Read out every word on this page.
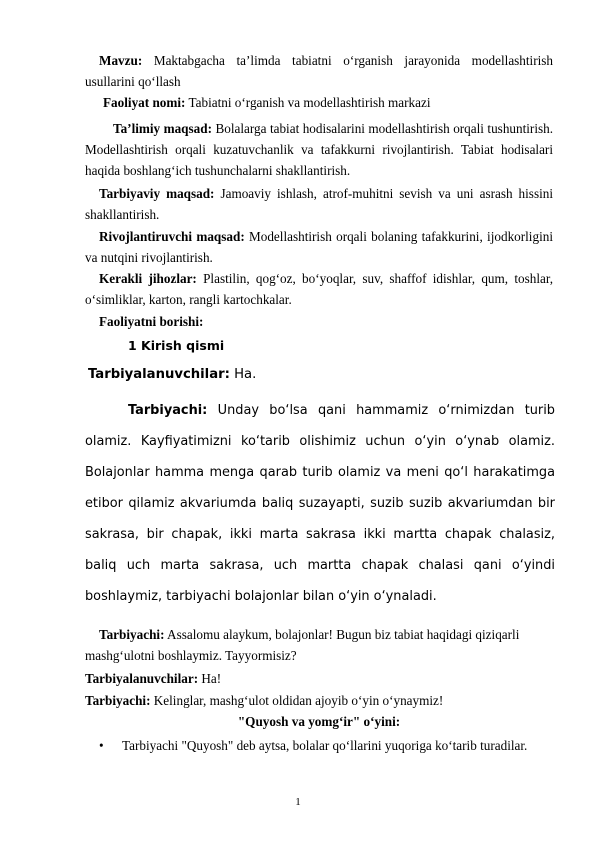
Mavzu: Maktabgacha ta’limda tabiatni o‘rganish jarayonida modellashtirish usullarini qo‘llash
Faoliyat nomi: Tabiatni o‘rganish va modellashtirish markazi
Ta’limiy maqsad: Bolalarga tabiat hodisalarini modellashtirish orqali tushuntirish. Modellashtirish orqali kuzatuvchanlik va tafakkurni rivojlantirish. Tabiat hodisalari haqida boshlang‘ich tushunchalarni shakllantirish.
Tarbiyaviy maqsad: Jamoaviy ishlash, atrof-muhitni sevish va uni asrash hissini shakllantirish.
Rivojlantiruvchi maqsad: Modellashtirish orqali bolaning tafakkurini, ijodkorligini va nutqini rivojlantirish.
Kerakli jihozlar: Plastilin, qog‘oz, bo‘yoqlar, suv, shaffof idishlar, qum, toshlar, o‘simliklar, karton, rangli kartochkalar.
Faoliyatni borishi:
1 Kirish qismi
Tarbiyalanuvchilar: Ha.
Tarbiyachi: Unday bo‘lsa qani hammamiz o‘rnimizdan turib olamiz. Kayfiyatimizni ko‘tarib olishimiz uchun o‘yin o‘ynab olamiz. Bolajonlar hamma menga qarab turib olamiz va meni qo‘l harakatimga etibor qilamiz akvariumda baliq suzayapti, suzib suzib akvariumdan bir sakrasa, bir chapak, ikki marta sakrasa ikki martta chapak chalasiz, baliq uch marta sakrasa, uch martta chapak chalasi qani o‘yindi boshlaymiz, tarbiyachi bolajonlar bilan o‘yin o‘ynaladi.
Tarbiyachi: Assalomu alaykum, bolajonlar! Bugun biz tabiat haqidagi qiziqarli mashg‘ulotni boshlaymiz. Tayyormisiz?
Tarbiyalanuvchilar: Ha!
Tarbiyachi: Kelinglar, mashg‘ulot oldidan ajoyib o‘yin o‘ynaymiz!
"Quyosh va yomg‘ir" o‘yini:
• Tarbiyachi "Quyosh" deb aytsa, bolalar qo‘llarini yuqoriga ko‘tarib turadilar.
1
